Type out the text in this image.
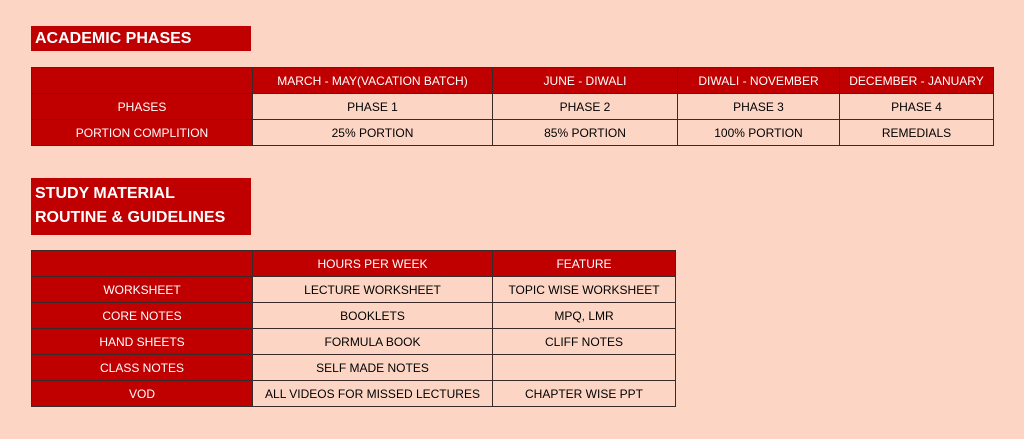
ACADEMIC PHASES
	MARCH - MAY(VACATION BATCH)	JUNE - DIWALI	DIWALI - NOVEMBER	DECEMBER - JANUARY
PHASES	PHASE 1	PHASE 2	PHASE 3	PHASE 4
PORTION COMPLITION	25% PORTION	85% PORTION	100% PORTION	REMEDIALS
STUDY MATERIAL
ROUTINE & GUIDELINES
	HOURS PER WEEK	FEATURE
WORKSHEET	LECTURE WORKSHEET	TOPIC WISE WORKSHEET
CORE NOTES	BOOKLETS	MPQ, LMR
HAND SHEETS	FORMULA BOOK	CLIFF NOTES
CLASS NOTES	SELF MADE NOTES	
VOD	ALL VIDEOS FOR MISSED LECTURES	CHAPTER WISE PPT
